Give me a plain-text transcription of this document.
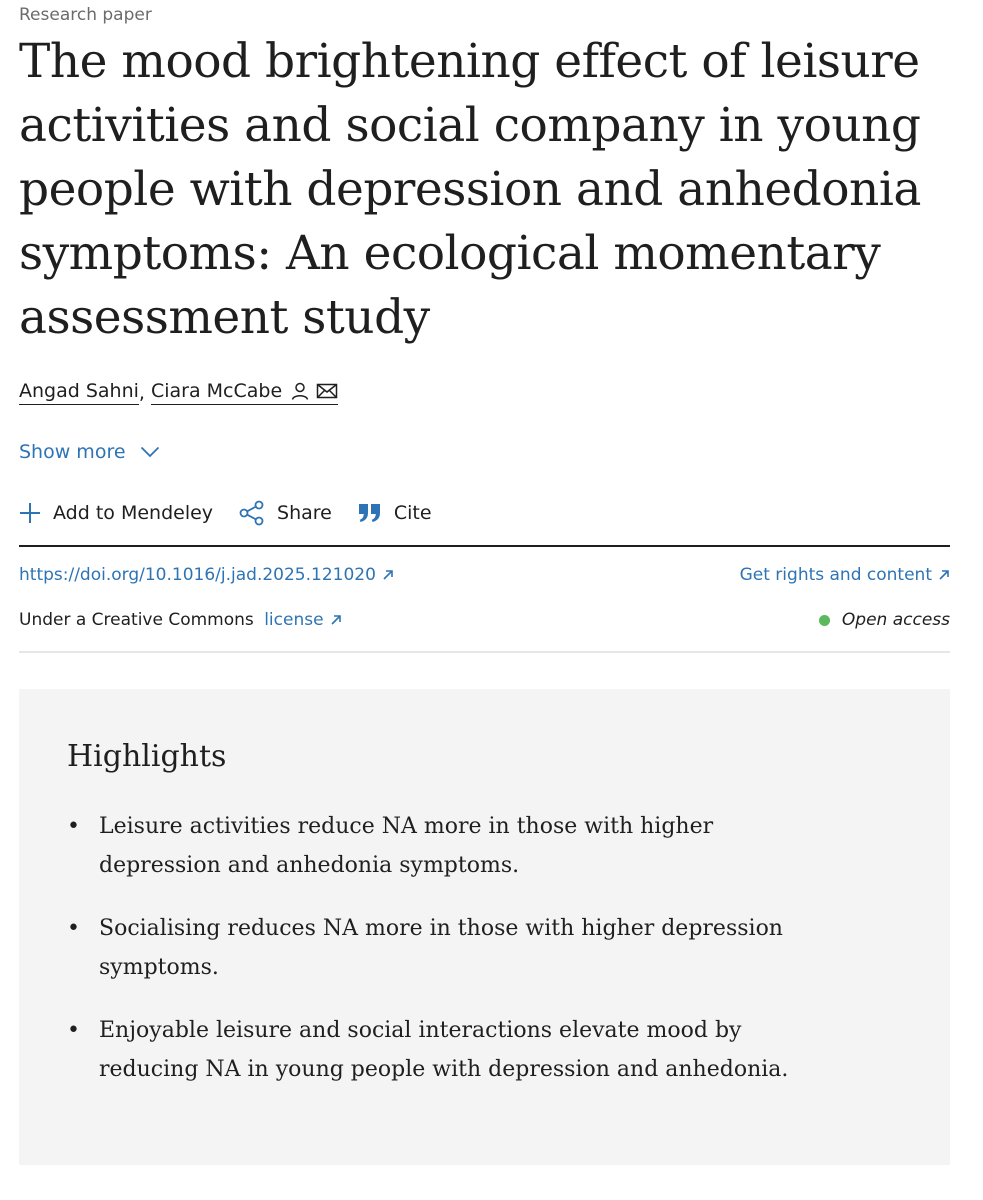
Research paper
The mood brightening effect of leisure activities and social company in young people with depression and anhedonia symptoms: An ecological momentary assessment study
Angad Sahni , Ciara McCabe
Show more
Add to Mendeley	Share	Cite
https://doi.org/10.1016/j.jad.2025.121020	Get rights and content
Under a Creative Commons license	Open access
Highlights
• Leisure activities reduce NA more in those with higher depression and anhedonia symptoms.
• Socialising reduces NA more in those with higher depression symptoms.
• Enjoyable leisure and social interactions elevate mood by reducing NA in young people with depression and anhedonia.
